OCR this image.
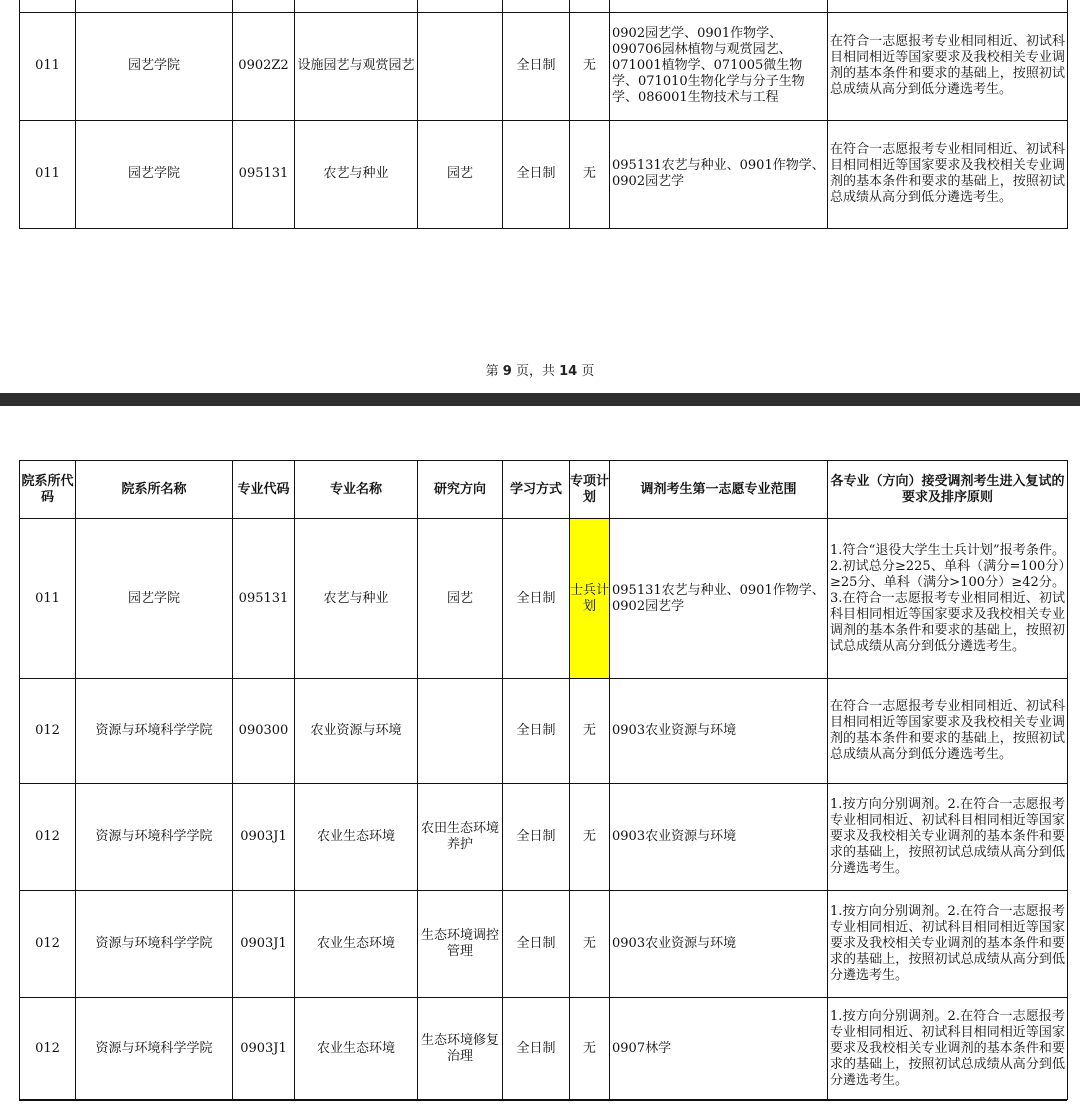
011	园艺学院	0902Z2	设施园艺与观赏园艺		全日制	无	0902园艺学、0901作物学、090706园林植物与观赏园艺、071001植物学、071005微生物学、071010生物化学与分子生物学、086001生物技术与工程	在符合一志愿报考专业相同相近、初试科目相同相近等国家要求及我校相关专业调剂的基本条件和要求的基础上，按照初试总成绩从高分到低分遴选考生。
011	园艺学院	095131	农艺与种业	园艺	全日制	无	095131农艺与种业、0901作物学、0902园艺学	在符合一志愿报考专业相同相近、初试科目相同相近等国家要求及我校相关专业调剂的基本条件和要求的基础上，按照初试总成绩从高分到低分遴选考生。
第 9 页，共 14 页
院系所代码	院系所名称	专业代码	专业名称	研究方向	学习方式	专项计划	调剂考生第一志愿专业范围	各专业（方向）接受调剂考生进入复试的要求及排序原则
011	园艺学院	095131	农艺与种业	园艺	全日制	士兵计划	095131农艺与种业、0901作物学、0902园艺学	1.符合“退役大学生士兵计划”报考条件。2.初试总分≥225、单科（满分=100分）≥25分、单科（满分>100分）≥42分。3.在符合一志愿报考专业相同相近、初试科目相同相近等国家要求及我校相关专业调剂的基本条件和要求的基础上，按照初试总成绩从高分到低分遴选考生。
012	资源与环境科学学院	090300	农业资源与环境		全日制	无	0903农业资源与环境	在符合一志愿报考专业相同相近、初试科目相同相近等国家要求及我校相关专业调剂的基本条件和要求的基础上，按照初试总成绩从高分到低分遴选考生。
012	资源与环境科学学院	0903J1	农业生态环境	农田生态环境养护	全日制	无	0903农业资源与环境	1.按方向分别调剂。2.在符合一志愿报考专业相同相近、初试科目相同相近等国家要求及我校相关专业调剂的基本条件和要求的基础上，按照初试总成绩从高分到低分遴选考生。
012	资源与环境科学学院	0903J1	农业生态环境	生态环境调控管理	全日制	无	0903农业资源与环境	1.按方向分别调剂。2.在符合一志愿报考专业相同相近、初试科目相同相近等国家要求及我校相关专业调剂的基本条件和要求的基础上，按照初试总成绩从高分到低分遴选考生。
012	资源与环境科学学院	0903J1	农业生态环境	生态环境修复治理	全日制	无	0907林学	1.按方向分别调剂。2.在符合一志愿报考专业相同相近、初试科目相同相近等国家要求及我校相关专业调剂的基本条件和要求的基础上，按照初试总成绩从高分到低分遴选考生。
